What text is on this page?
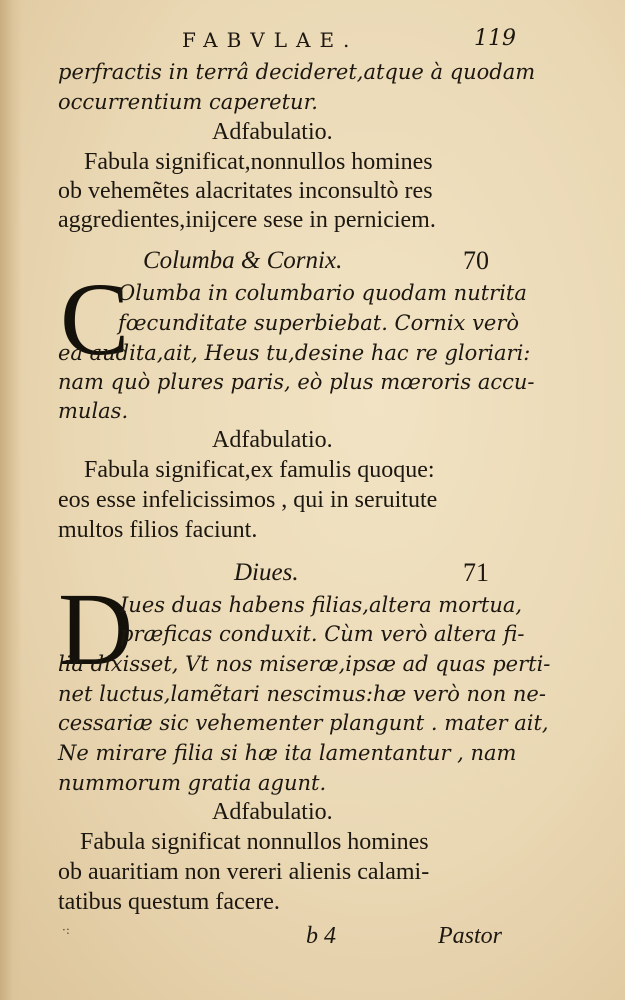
FABVLAE.	119
perfractis in terrâ decideret,atque à quodam
occurrentium caperetur.
Adfabulatio.
Fabula significat,nonnullos homines
ob vehemẽtes alacritates inconsultò res
aggredientes,inijcere sese in perniciem.
Columba & Cornix.	70
C
Olumba in columbario quodam nutrita
fœcunditate superbiebat. Cornix verò
ea audita,ait, Heus tu,desine hac re gloriari:
nam quò plures paris, eò plus mœroris accu-
mulas.
Adfabulatio.
Fabula significat,ex famulis quoque:
eos esse infelicissimos , qui in seruitute
multos filios faciunt.
Diues.	71
D
Iues duas habens filias,altera mortua,
præficas conduxit. Cùm verò altera fi-
lia dixisset, Vt nos miseræ,ipsæ ad quas perti-
net luctus,lamẽtari nescimus:hæ verò non ne-
cessariæ sic vehementer plangunt . mater ait,
Ne mirare filia si hæ ita lamentantur , nam
nummorum gratia agunt.
Adfabulatio.
Fabula significat nonnullos homines
ob auaritiam non vereri alienis calami-
tatibus questum facere.
·:	b 4	Pastor
